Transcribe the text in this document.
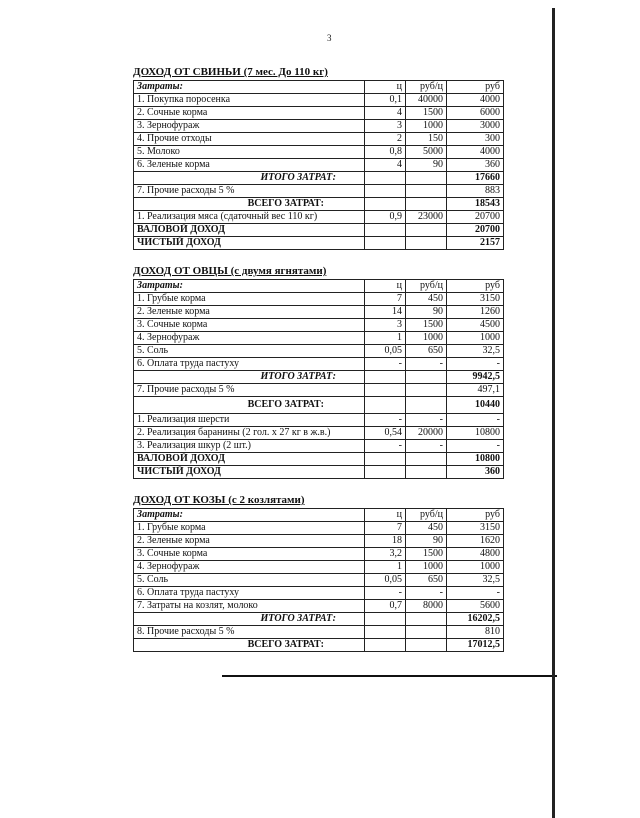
3
ДОХОД ОТ СВИНЬИ (7 мес. До 110 кг)
Затраты:	ц	руб/ц	руб
1. Покупка поросенка	0,1	40000	4000
2. Сочные корма	4	1500	6000
3. Зернофураж	3	1000	3000
4. Прочие отходы	2	150	300
5. Молоко	0,8	5000	4000
6. Зеленые корма	4	90	360
ИТОГО ЗАТРАТ:			17660
7. Прочие расходы 5 %			883
ВСЕГО ЗАТРАТ:			18543
1. Реализация мяса (сдаточный вес 110 кг)	0,9	23000	20700
ВАЛОВОЙ ДОХОД			20700
ЧИСТЫЙ ДОХОД			2157
ДОХОД ОТ ОВЦЫ (с двумя ягнятами)
Затраты:	ц	руб/ц	руб
1. Грубые корма	7	450	3150
2. Зеленые корма	14	90	1260
3. Сочные корма	3	1500	4500
4. Зернофураж	1	1000	1000
5. Соль	0,05	650	32,5
6. Оплата труда пастуху	-	-	-
ИТОГО ЗАТРАТ:			9942,5
7. Прочие расходы 5 %			497,1
ВСЕГО ЗАТРАТ:			10440
1. Реализация шерсти	-	-	-
2. Реализация баранины (2 гол. х 27 кг в ж.в.)	0,54	20000	10800
3. Реализация шкур (2 шт.)	-	-	-
ВАЛОВОЙ ДОХОД			10800
ЧИСТЫЙ ДОХОД			360
ДОХОД ОТ КОЗЫ (с 2 козлятами)
Затраты:	ц	руб/ц	руб
1. Грубые корма	7	450	3150
2. Зеленые корма	18	90	1620
3. Сочные корма	3,2	1500	4800
4. Зернофураж	1	1000	1000
5. Соль	0,05	650	32,5
6. Оплата труда пастуху	-	-	-
7. Затраты на козлят, молоко	0,7	8000	5600
ИТОГО ЗАТРАТ:			16202,5
8. Прочие расходы 5 %			810
ВСЕГО ЗАТРАТ:			17012,5
